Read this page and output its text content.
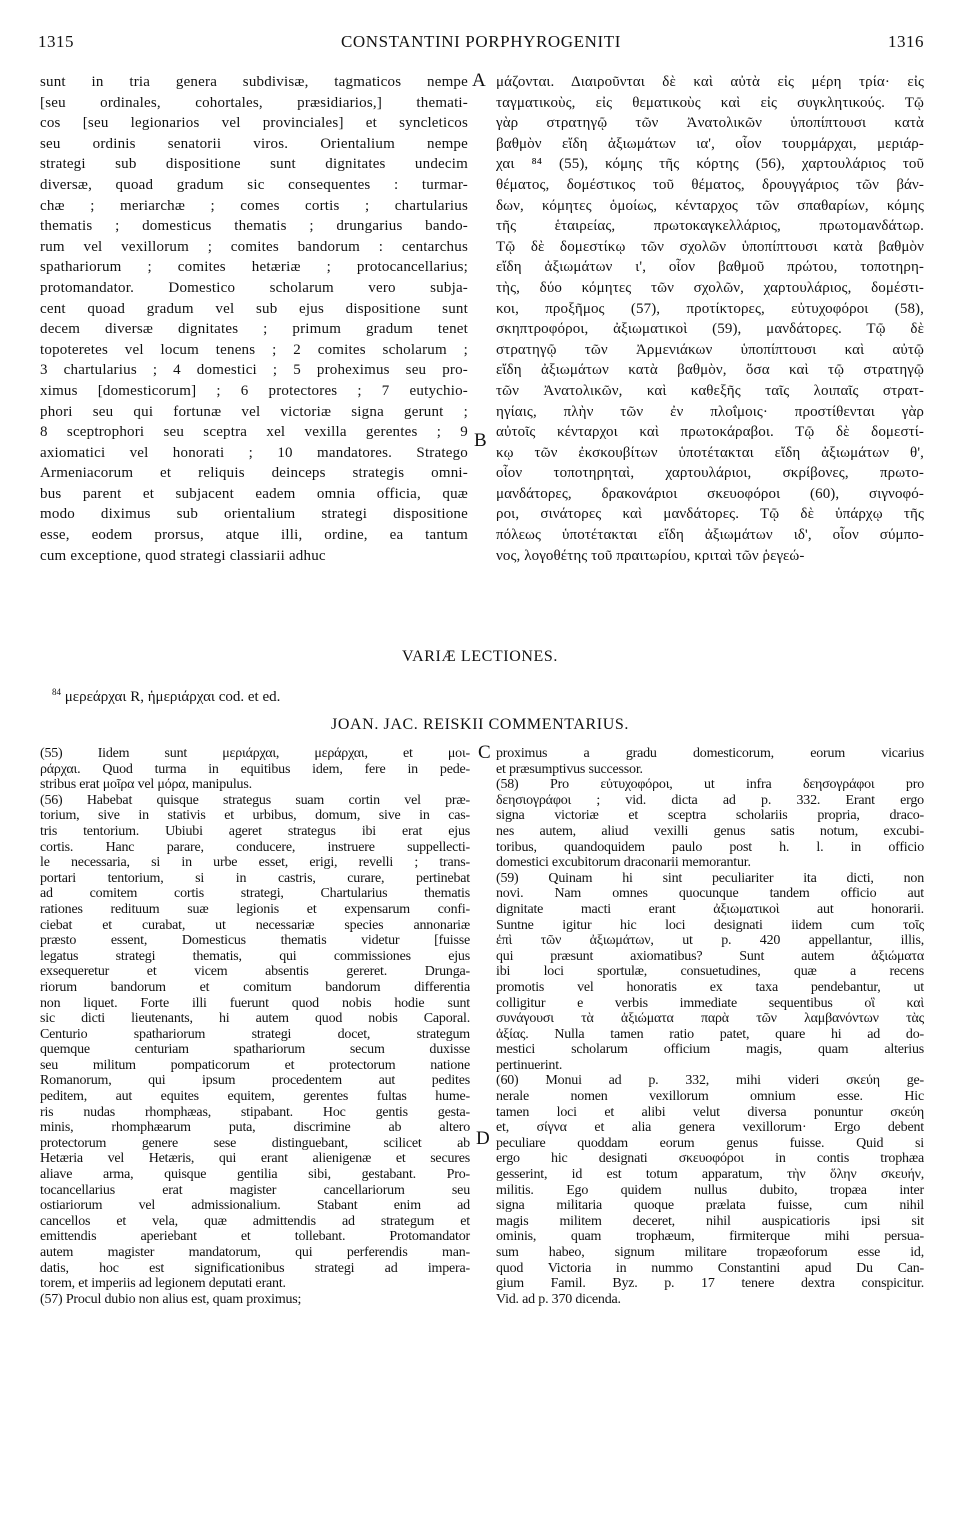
1315	CONSTANTINI PORPHYROGENITI	1316

sunt in tria genera subdivisæ, tagmaticos nempe

[seu ordinales, cohortales, præsidiarios,] themati-

cos [seu legionarios vel provinciales] et syncleticos

seu ordinis senatorii viros. Orientalium nempe

strategi sub dispositione sunt dignitates undecim

diversæ, quoad gradum sic consequentes : turmar-

chæ ; meriarchæ ; comes cortis ; chartularius

thematis ; domesticus thematis ; drungarius bando-

rum vel vexillorum ; comites bandorum : centarchus

spathariorum ; comites hetæriæ ; protocancellarius;

protomandator. Domestico scholarum vero subja-

cent quoad gradum vel sub ejus dispositione sunt

decem diversæ dignitates ; primum gradum tenet

topoteretes vel locum tenens ; 2 comites scholarum ;

3 chartularius ; 4 domestici ; 5 proheximus seu pro-

ximus [domesticorum] ; 6 protectores ; 7 eutychio-

phori seu qui fortunæ vel victoriæ signa gerunt ;

8 sceptrophori seu sceptra xel vexilla gerentes ; 9

axiomatici vel honorati ; 10 mandatores. Stratego

Armeniacorum et reliquis deinceps strategis omni-

bus parent et subjacent eadem omnia officia, quæ

modo diximus sub orientalium strategi dispositione

esse, eodem prorsus, atque illi, ordine, ea tantum

cum exceptione, quod strategi classiarii adhuc

μάζονται. Διαιροῦνται δὲ καὶ αὐτὰ εἰς μέρη τρία· εἰς

ταγματικοὺς, εἰς θεματικοὺς καὶ εἰς συγκλητικούς. Τῷ

γὰρ στρατηγῷ τῶν Ἀνατολικῶν ὑποπίπτουσι κατὰ

βαθμὸν εἴδη ἀξιωμάτων ια', οἷον τουρμάρχαι, μεριάρ-

χαι ⁸⁴ (55), κόμης τῆς κόρτης (56), χαρτουλάριος τοῦ

θέματος, δομέστικος τοῦ θέματος, δρουγγάριος τῶν βάν-

δων, κόμητες ὁμοίως, κένταρχος τῶν σπαθαρίων, κόμης

τῆς ἑταιρείας, πρωτοκαγκελλάριος, πρωτομανδάτωρ.

Τῷ δὲ δομεστίκῳ τῶν σχολῶν ὑποπίπτουσι κατὰ βαθμὸν

εἴδη ἀξιωμάτων ι', οἷον βαθμοῦ πρώτου, τοποτηρη-

τὴς, δύο κόμητες τῶν σχολῶν, χαρτουλάριος, δομέστι-

κοι, προξῆμος (57), προτίκτορες, εὐτυχοφόροι (58),

σκηπτροφόροι, ἀξιωματικοὶ (59), μανδάτορες. Τῷ δὲ

στρατηγῷ τῶν Ἀρμενιάκων ὑποπίπτουσι καὶ αὐτῷ

εἴδη ἀξιωμάτων κατὰ βαθμὸν, ὅσα καὶ τῷ στρατηγῷ

τῶν Ἀνατολικῶν, καὶ καθεξῆς ταῖς λοιπαῖς στρατ-

ηγίαις, πλὴν τῶν ἐν πλοΐμοις· προστίθενται γὰρ

αὐτοῖς κένταρχοι καὶ πρωτοκάραβοι. Τῷ δὲ δομεστί-

κῳ τῶν ἐκσκουβίτων ὑποτέτακται εἴδη ἀξιωμάτων θ',

οἷον τοποτηρηταὶ, χαρτουλάριοι, σκρίβονες, πρωτο-

μανδάτορες, δρακονάριοι σκευοφόροι (60), σιγνοφό-

ροι, σινάτορες καὶ μανδάτορες. Τῷ δὲ ὑπάρχῳ τῆς

πόλεως ὑποτέτακται εἴδη ἀξιωμάτων ιδ', οἷον σύμπο-

νος, λογοθέτης τοῦ πραιτωρίου, κριταὶ τῶν ῥεγεώ-

A
B
C
D
VARIÆ LECTIONES.
$^{84}$ μερεάρχαι R, ἡμεριάρχαι cod. et ed.
JOAN. JAC. REISKII COMMENTARIUS.

(55) Iidem sunt μεριάρχαι, μεράρχαι, et μοι-

ράρχαι. Quod turma in equitibus idem, fere in pede-

stribus erat μοῖρα vel μόρα, manipulus.

(56) Habebat quisque strategus suam cortin vel præ-

torium, sive in stativis et urbibus, domum, sive in cas-

tris tentorium. Ubiubi ageret strategus ibi erat ejus

cortis. Hanc parare, conducere, instruere suppellecti-

le necessaria, si in urbe esset, erigi, revelli ; trans-

portari tentorium, si in castris, curare, pertinebat

ad comitem cortis strategi, Chartularius thematis

rationes redituum suæ legionis et expensarum confi-

ciebat et curabat, ut necessariæ species annonariæ

præsto essent, Domesticus thematis videtur [fuisse

legatus strategi thematis, qui commissiones ejus

exsequeretur et vicem absentis gereret. Drunga-

riorum bandorum et comitum bandorum differentia

non liquet. Forte illi fuerunt quod nobis hodie sunt

sic dicti lieutenants, hi autem quod nobis Caporal.

Centurio spathariorum strategi docet, strategum

quemque centuriam spathariorum secum duxisse

seu militum pompaticorum et protectorum natione

Romanorum, qui ipsum procedentem aut pedites

peditem, aut equites equitem, gerentes fultas hume-

ris nudas rhomphæas, stipabant. Hoc gentis gesta-

minis, rhomphæarum puta, discrimine ab altero

protectorum genere sese distinguebant, scilicet ab

Hetæria vel Hetæris, qui erant alienigenæ et secures

aliave arma, quisque gentilia sibi, gestabant. Pro-

tocancellarius erat magister cancellariorum seu

ostiariorum vel admissionalium. Stabant enim ad

cancellos et vela, quæ admittendis ad strategum et

emittendis aperiebant et tollebant. Protomandator

autem magister mandatorum, qui perferendis man-

datis, hoc est significationibus strategi ad impera-

torem, et imperiis ad legionem deputati erant.

(57) Procul dubio non alius est, quam proximus;

proximus a gradu domesticorum, eorum vicarius

et præsumptivus successor.

(58) Pro εὐτυχοφόροι, ut infra δεησογράφοι pro

δεησιογράφοι ; vid. dicta ad p. 332. Erant ergo

signa victoriæ et sceptra scholariis propria, draco-

nes autem, aliud vexilli genus satis notum, excubi-

toribus, quandoquidem paulo post h. l. in officio

domestici excubitorum draconarii memorantur.

(59) Quinam hi sint peculiariter ita dicti, non

novi. Nam omnes quocunque tandem officio aut

dignitate macti erant ἀξιωματικοὶ aut honorarii.

Suntne igitur hic loci designati iidem cum τοῖς

ἐπὶ τῶν ἀξιωμάτων, ut p. 420 appellantur, illis,

qui præsunt axiomatibus? Sunt autem ἀξιώματα

ibi loci sportulæ, consuetudines, quæ a recens

promotis vel honoratis ex taxa pendebantur, ut

colligitur e verbis immediate sequentibus οἳ καὶ

συνάγουσι τὰ ἀξιώματα παρὰ τῶν λαμβανόντων τὰς

ἀξίας. Nulla tamen ratio patet, quare hi ad do-

mestici scholarum officium magis, quam alterius

pertinuerint.

(60) Monui ad p. 332, mihi videri σκεύη ge-

nerale nomen vexillorum omnium esse. Hic

tamen loci et alibi velut diversa ponuntur σκεύη

et, σίγνα et alia genera vexillorum· Ergo debent

peculiare quoddam eorum genus fuisse. Quid si

ergo hic designati σκευοφόροι in contis trophæa

gesserint, id est totum apparatum, τὴν ὅλην σκευήν,

militis. Ego quidem nullus dubito, tropæa inter

signa militaria quoque prælata fuisse, cum nihil

magis militem deceret, nihil auspicatioris ipsi sit

ominis, quam trophæum, firmiterque mihi persua-

sum habeo, signum militare tropæoforum esse id,

quod Victoria in nummo Constantini apud Du Can-

gium Famil. Byz. p. 17 tenere dextra conspicitur.

Vid. ad p. 370 dicenda.
